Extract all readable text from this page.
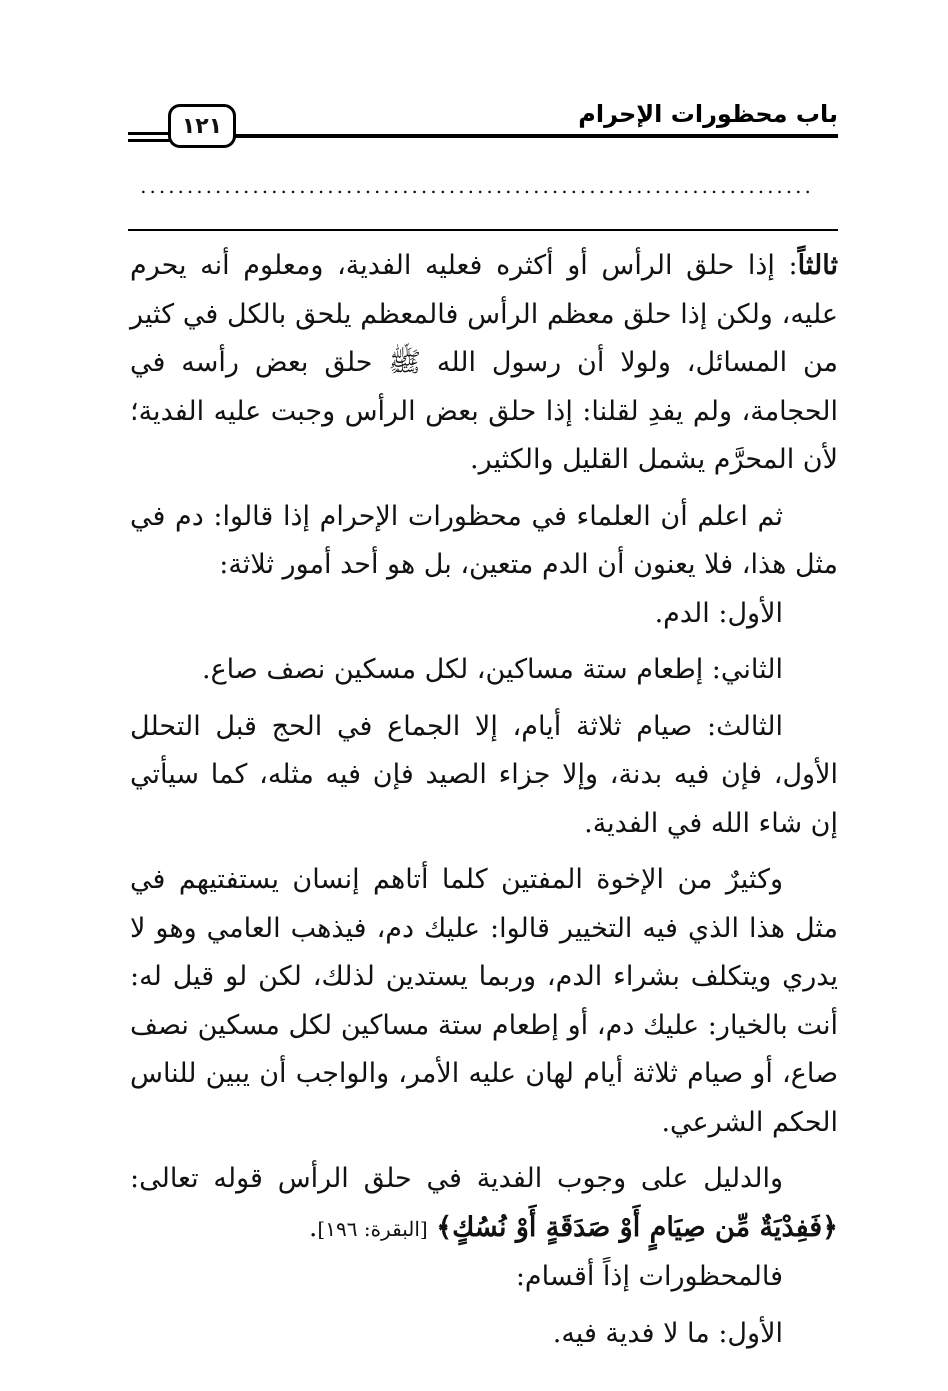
باب محظورات الإحرام
١٢١
........................................................................

ثالثاً: إذا حلق الرأس أو أكثره فعليه الفدية، ومعلوم أنه يحرم عليه، ولكن إذا حلق معظم الرأس فالمعظم يلحق بالكل في كثير من المسائل، ولولا أن رسول الله ﷺ حلق بعض رأسه في الحجامة، ولم يفدِ لقلنا: إذا حلق بعض الرأس وجبت عليه الفدية؛ لأن المحرَّم يشمل القليل والكثير.

ثم اعلم أن العلماء في محظورات الإحرام إذا قالوا: دم في مثل هذا، فلا يعنون أن الدم متعين، بل هو أحد أمور ثلاثة:

الأول: الدم.

الثاني: إطعام ستة مساكين، لكل مسكين نصف صاع.

الثالث: صيام ثلاثة أيام، إلا الجماع في الحج قبل التحلل الأول، فإن فيه بدنة، وإلا جزاء الصيد فإن فيه مثله، كما سيأتي إن شاء الله في الفدية.

وكثيرٌ من الإخوة المفتين كلما أتاهم إنسان يستفتيهم في مثل هذا الذي فيه التخيير قالوا: عليك دم، فيذهب العامي وهو لا يدري ويتكلف بشراء الدم، وربما يستدين لذلك، لكن لو قيل له: أنت بالخيار: عليك دم، أو إطعام ستة مساكين لكل مسكين نصف صاع، أو صيام ثلاثة أيام لهان عليه الأمر، والواجب أن يبين للناس الحكم الشرعي.

والدليل على وجوب الفدية في حلق الرأس قوله تعالى: ﴿فَفِدْيَةٌ مِّن صِيَامٍ أَوْ صَدَقَةٍ أَوْ نُسُكٍ﴾ [البقرة: ١٩٦].

فالمحظورات إذاً أقسام:

الأول: ما لا فدية فيه.
